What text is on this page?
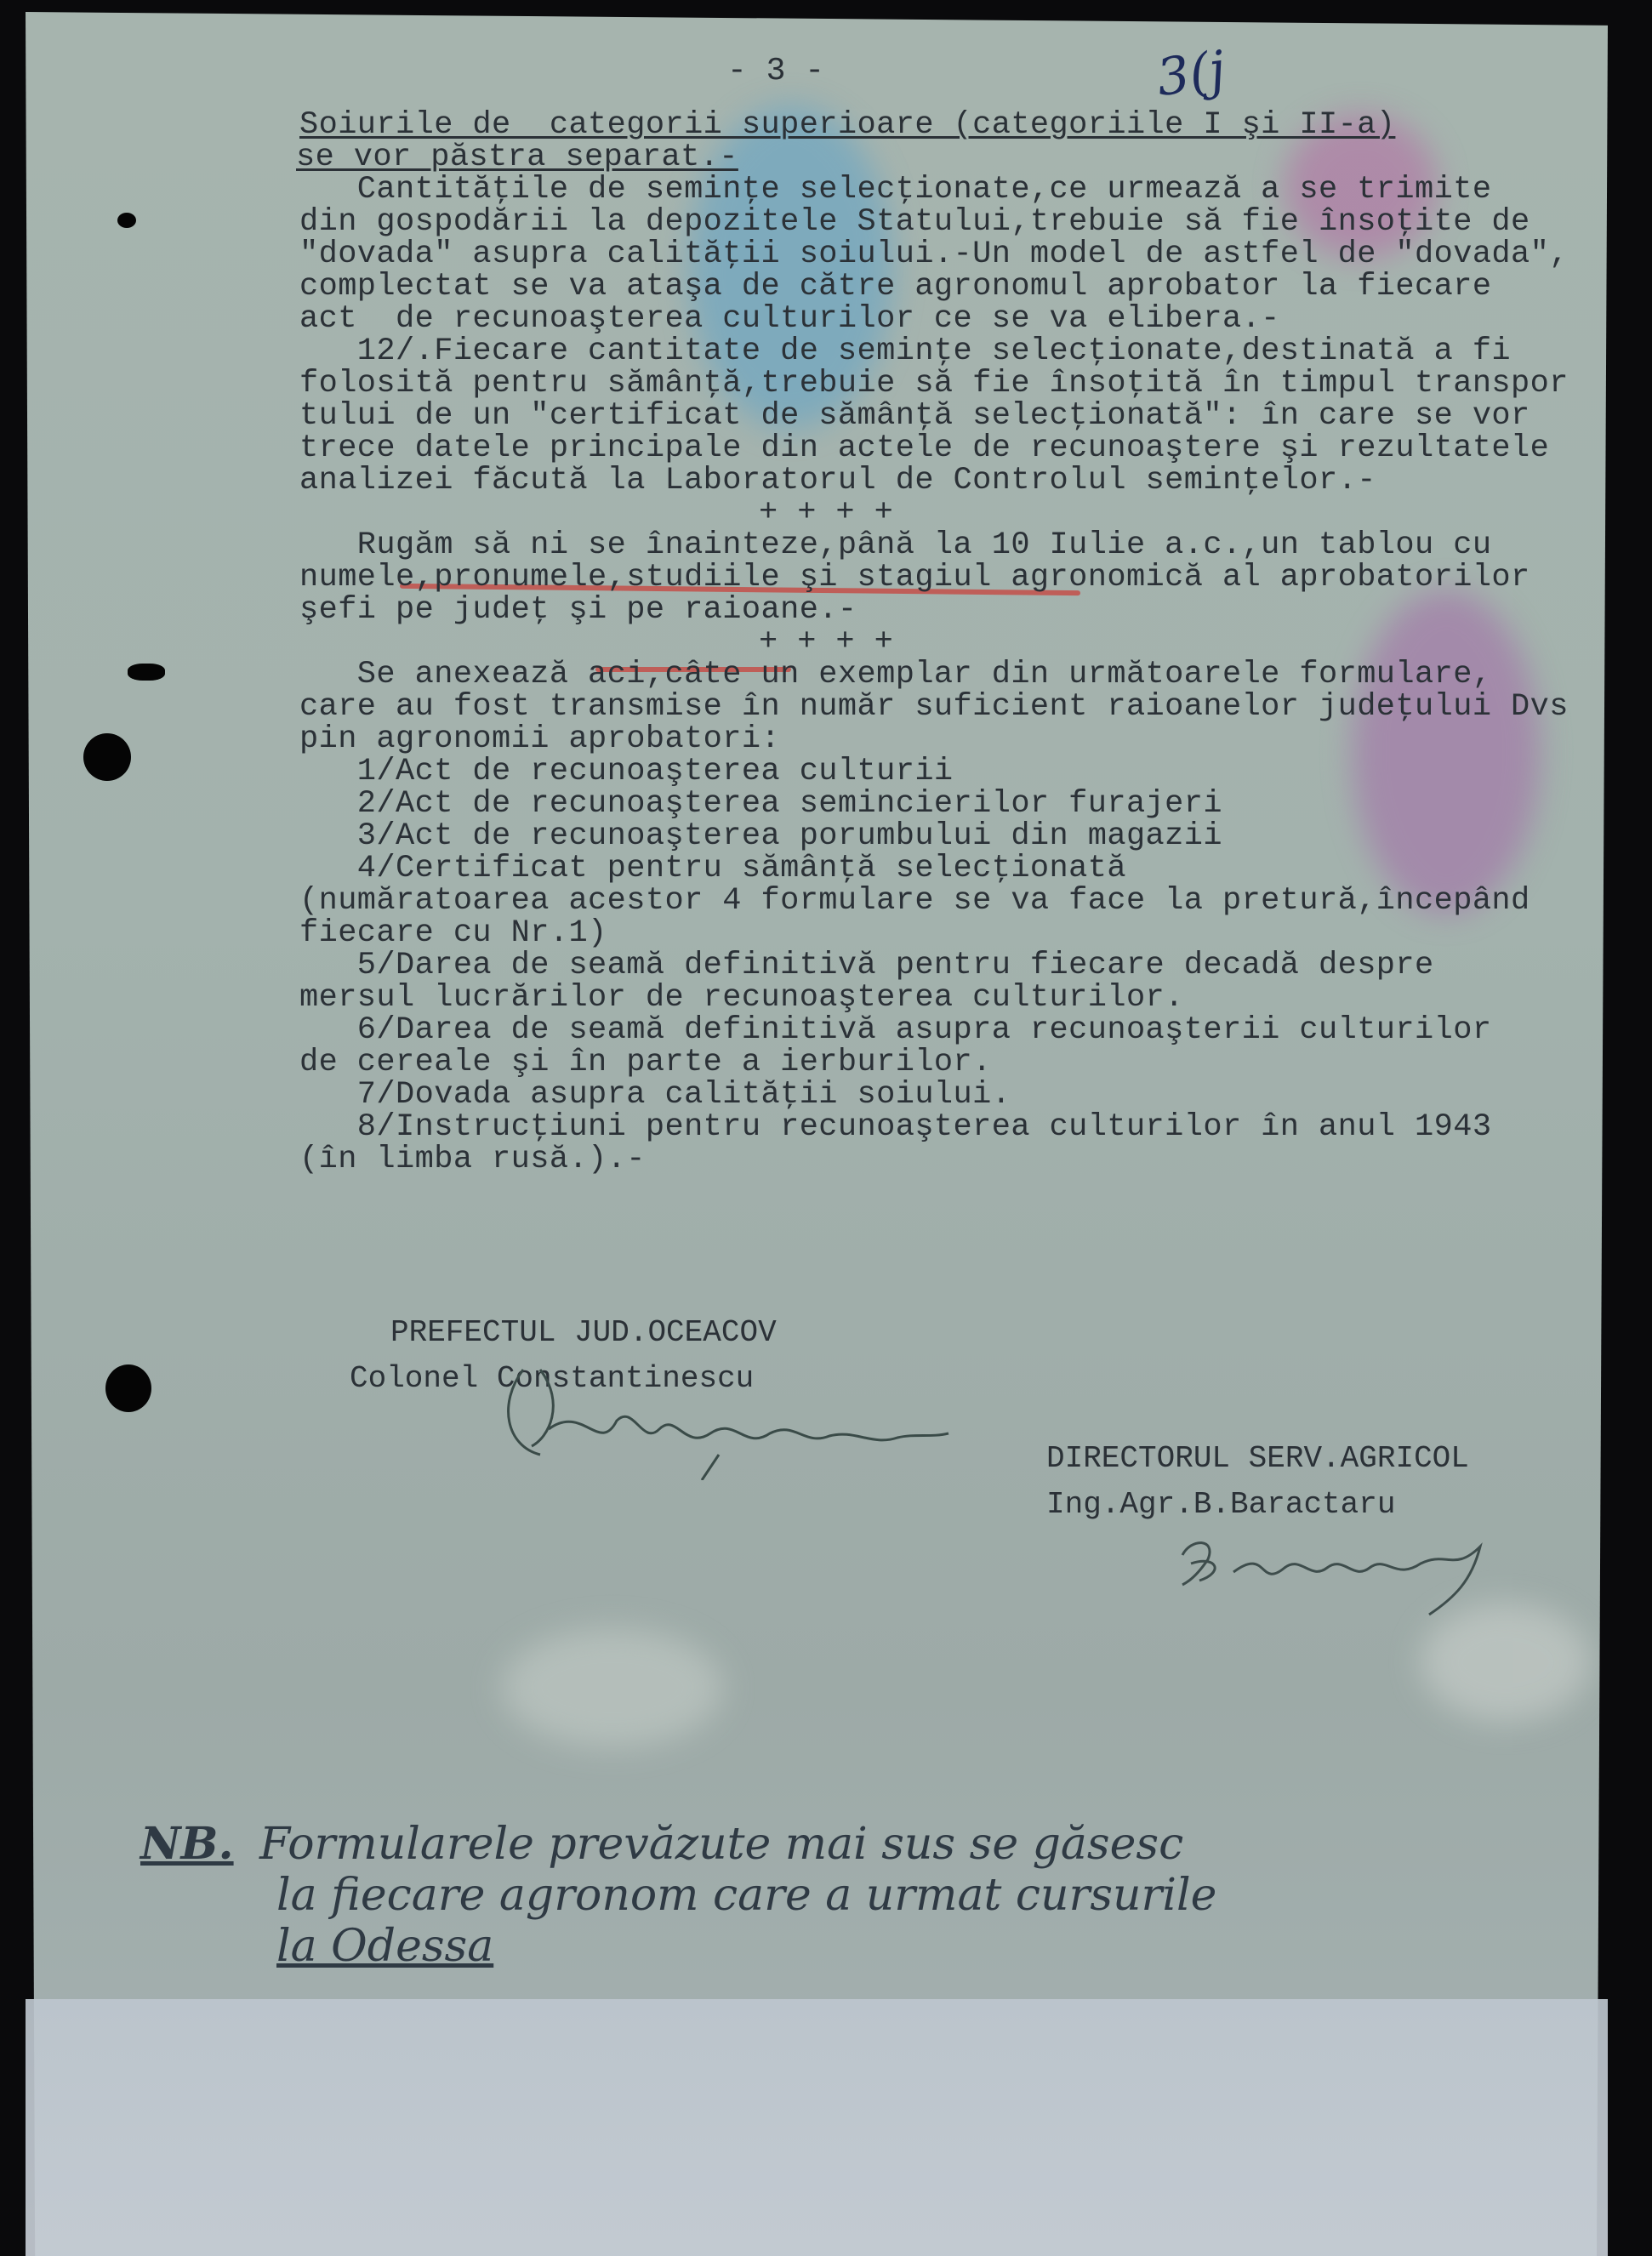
- 3 -	3(j
Soiurile de  categorii superioare (categoriile I şi II-a)
se vor păstra separat.-
Cantităţile de seminţe selecţionate,ce urmează a se trimite
din gospodării la depozitele Statului,trebuie să fie însoţite de
"dovada" asupra calităţii soiului.-Un model de astfel de "dovada",
complectat se va ataşa de către agronomul aprobator la fiecare
act  de recunoaşterea culturilor ce se va elibera.-
12/.Fiecare cantitate de seminţe selecţionate,destinată a fi
folosită pentru sămânţă,trebuie să fie însoţită în timpul transpor
tului de un "certificat de sămânţă selecţionată": în care se vor
trece datele principale din actele de recunoaştere şi rezultatele
analizei făcută la Laboratorul de Controlul seminţelor.-
+ + + +
Rugăm să ni se înainteze,până la 10 Iulie a.c.,un tablou cu
numele,pronumele,studiile şi stagiul agronomică al aprobatorilor
şefi pe judeţ şi pe raioane.-
+ + + +
Se anexează aci,câte un exemplar din următoarele formulare,
care au fost transmise în număr suficient raioanelor judeţului Dvs
pin agronomii aprobatori:
1/Act de recunoaşterea culturii
2/Act de recunoaşterea semincierilor furajeri
3/Act de recunoaşterea porumbului din magazii
4/Certificat pentru sămânţă selecţionată
(număratoarea acestor 4 formulare se va face la pretură,începând
fiecare cu Nr.1)
5/Darea de seamă definitivă pentru fiecare decadă despre
mersul lucrărilor de recunoaşterea culturilor.
6/Darea de seamă definitivă asupra recunoaşterii culturilor
de cereale şi în parte a ierburilor.
7/Dovada asupra calităţii soiului.
8/Instrucţiuni pentru recunoaşterea culturilor în anul 1943
(în limba rusă.).-
PREFECTUL JUD.OCEACOV
Colonel Constantinescu
DIRECTORUL SERV.AGRICOL
Ing.Agr.B.Baractaru
NB. Formularele prevăzute mai sus se găsesc
la fiecare agronom care a urmat cursurile
la Odessa
